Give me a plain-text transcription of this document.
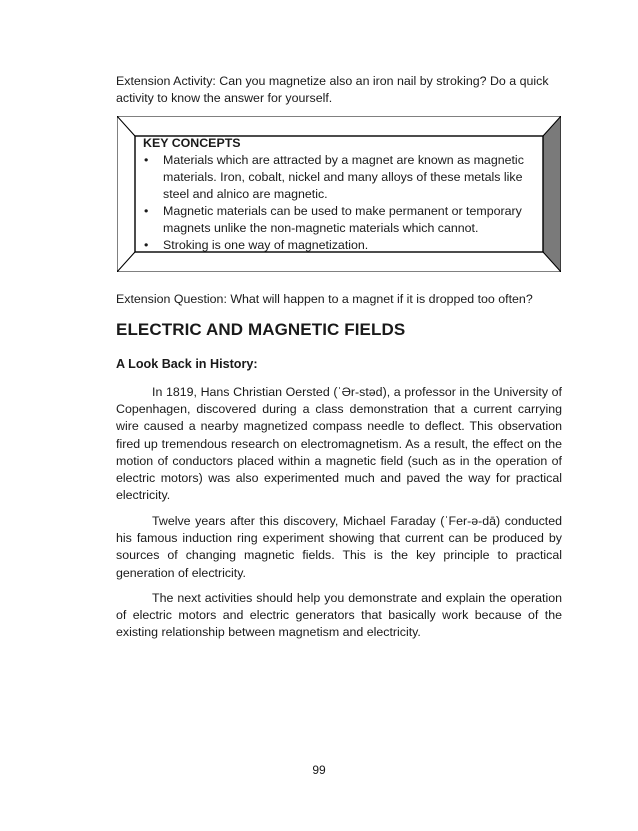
Extension Activity: Can you magnetize also an iron nail by stroking? Do a quick activity to know the answer for yourself.

KEY CONCEPTS

• Materials which are attracted by a magnet are known as magnetic materials. Iron, cobalt, nickel and many alloys of these metals like steel and alnico are magnetic.
• Magnetic materials can be used to make permanent or temporary magnets unlike the non-magnetic materials which cannot.
• Stroking is one way of magnetization.

Extension Question: What will happen to a magnet if it is dropped too often?

ELECTRIC AND MAGNETIC FIELDS
A Look Back in History:

In 1819, Hans Christian Oersted (ˈƏr-stəd), a professor in the University of Copenhagen, discovered during a class demonstration that a current carrying wire caused a nearby magnetized compass needle to deflect. This observation fired up tremendous research on electromagnetism. As a result, the effect on the motion of conductors placed within a magnetic field (such as in the operation of electric motors) was also experimented much and paved the way for practical electricity.

Twelve years after this discovery, Michael Faraday (ˈFer-ə-dā) conducted his famous induction ring experiment showing that current can be produced by sources of changing magnetic fields. This is the key principle to practical generation of electricity.

The next activities should help you demonstrate and explain the operation of electric motors and electric generators that basically work because of the existing relationship between magnetism and electricity.

99
